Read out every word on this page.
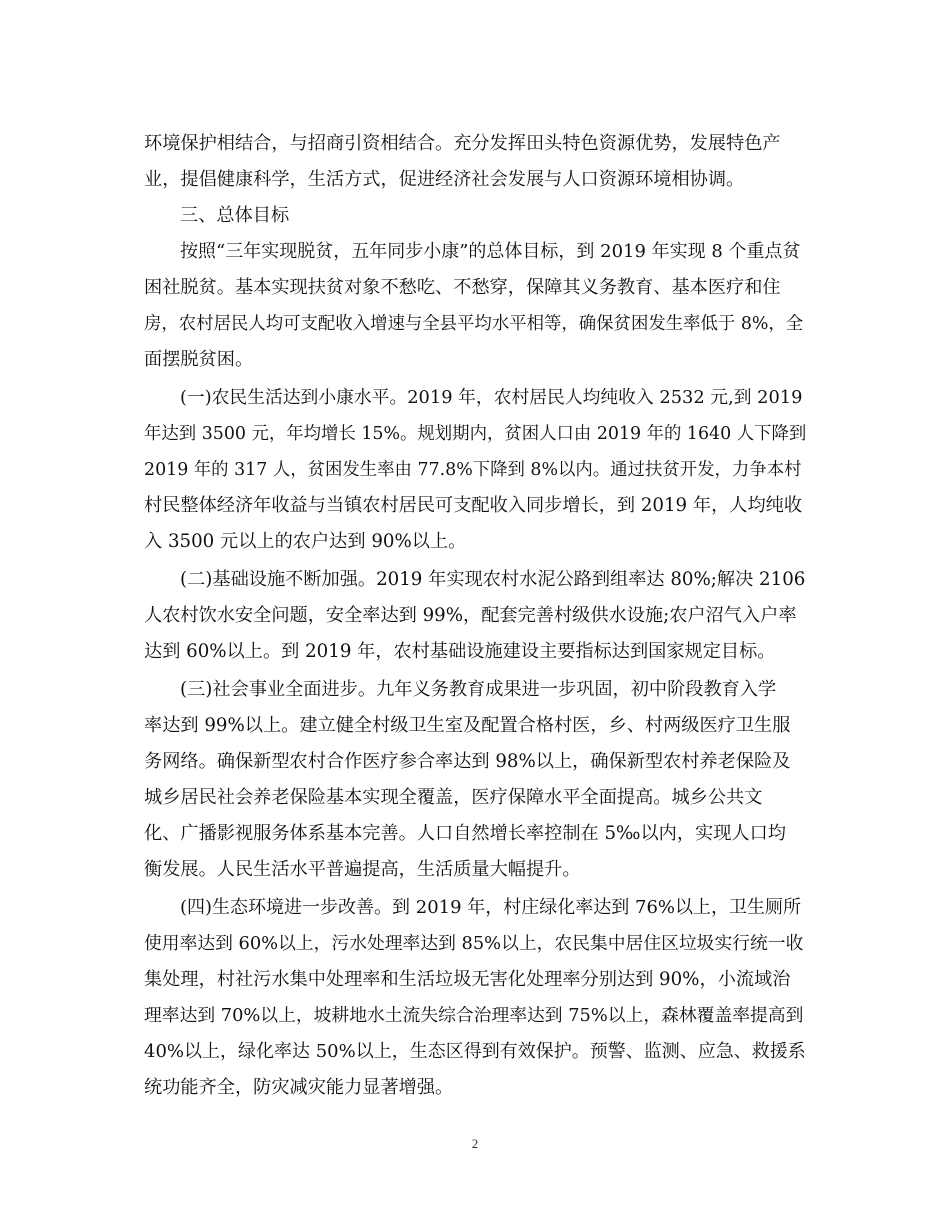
环境保护相结合，与招商引资相结合。充分发挥田头特色资源优势，发展特色产
业，提倡健康科学，生活方式，促进经济社会发展与人口资源环境相协调。
三、总体目标
按照“三年实现脱贫，五年同步小康”的总体目标，到 2019 年实现 8 个重点贫
困社脱贫。基本实现扶贫对象不愁吃、不愁穿，保障其义务教育、基本医疗和住
房，农村居民人均可支配收入增速与全县平均水平相等，确保贫困发生率低于 8%，全
面摆脱贫困。
(一)农民生活达到小康水平。2019 年，农村居民人均纯收入 2532 元,到 2019
年达到 3500 元，年均增长 15%。规划期内，贫困人口由 2019 年的 1640 人下降到
2019 年的 317 人，贫困发生率由 77.8%下降到 8%以内。通过扶贫开发，力争本村
村民整体经济年收益与当镇农村居民可支配收入同步增长，到 2019 年，人均纯收
入 3500 元以上的农户达到 90%以上。
(二)基础设施不断加强。2019 年实现农村水泥公路到组率达 80%;解决 2106
人农村饮水安全问题，安全率达到 99%，配套完善村级供水设施;农户沼气入户率
达到 60%以上。到 2019 年，农村基础设施建设主要指标达到国家规定目标。
(三)社会事业全面进步。九年义务教育成果进一步巩固，初中阶段教育入学
率达到 99%以上。建立健全村级卫生室及配置合格村医，乡、村两级医疗卫生服
务网络。确保新型农村合作医疗参合率达到 98%以上，确保新型农村养老保险及
城乡居民社会养老保险基本实现全覆盖，医疗保障水平全面提高。城乡公共文
化、广播影视服务体系基本完善。人口自然增长率控制在 5‰以内，实现人口均
衡发展。人民生活水平普遍提高，生活质量大幅提升。
(四)生态环境进一步改善。到 2019 年，村庄绿化率达到 76%以上，卫生厕所
使用率达到 60%以上，污水处理率达到 85%以上，农民集中居住区垃圾实行统一收
集处理，村社污水集中处理率和生活垃圾无害化处理率分别达到 90%，小流域治
理率达到 70%以上，坡耕地水土流失综合治理率达到 75%以上，森林覆盖率提高到
40%以上，绿化率达 50%以上，生态区得到有效保护。预警、监测、应急、救援系
统功能齐全，防灾减灾能力显著增强。
2
